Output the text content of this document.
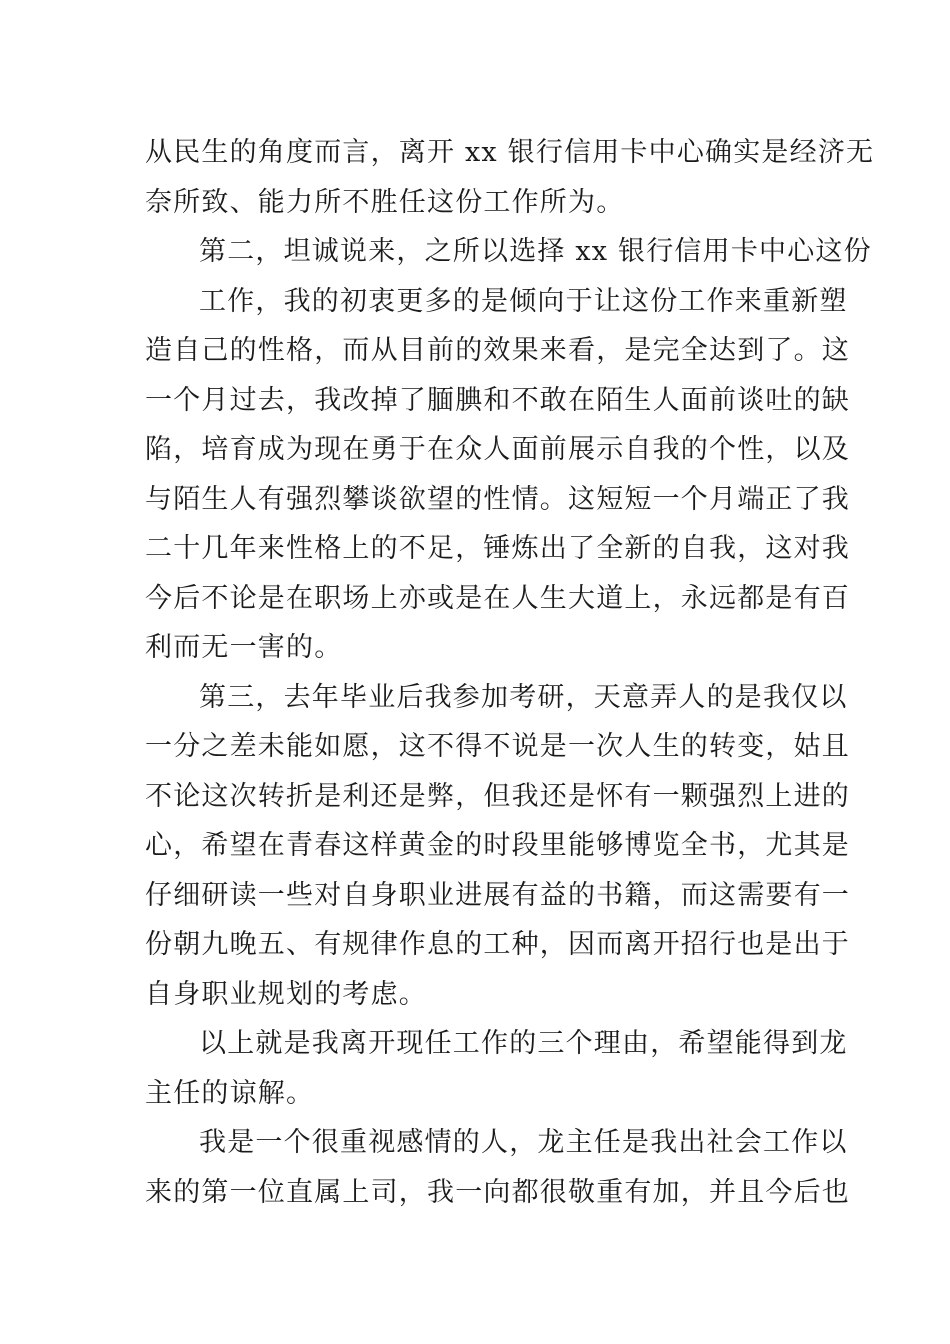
从民生的角度而言，离开 xx 银行信用卡中心确实是经济无
奈所致、能力所不胜任这份工作所为。
第二，坦诚说来，之所以选择 xx 银行信用卡中心这份
工作，我的初衷更多的是倾向于让这份工作来重新塑
造自己的性格，而从目前的效果来看，是完全达到了。这
一个月过去，我改掉了腼腆和不敢在陌生人面前谈吐的缺
陷，培育成为现在勇于在众人面前展示自我的个性，以及
与陌生人有强烈攀谈欲望的性情。这短短一个月端正了我
二十几年来性格上的不足，锤炼出了全新的自我，这对我
今后不论是在职场上亦或是在人生大道上，永远都是有百
利而无一害的。
第三，去年毕业后我参加考研，天意弄人的是我仅以
一分之差未能如愿，这不得不说是一次人生的转变，姑且
不论这次转折是利还是弊，但我还是怀有一颗强烈上进的
心，希望在青春这样黄金的时段里能够博览全书，尤其是
仔细研读一些对自身职业进展有益的书籍，而这需要有一
份朝九晚五、有规律作息的工种，因而离开招行也是出于
自身职业规划的考虑。
以上就是我离开现任工作的三个理由，希望能得到龙
主任的谅解。
我是一个很重视感情的人，龙主任是我出社会工作以
来的第一位直属上司，我一向都很敬重有加，并且今后也
